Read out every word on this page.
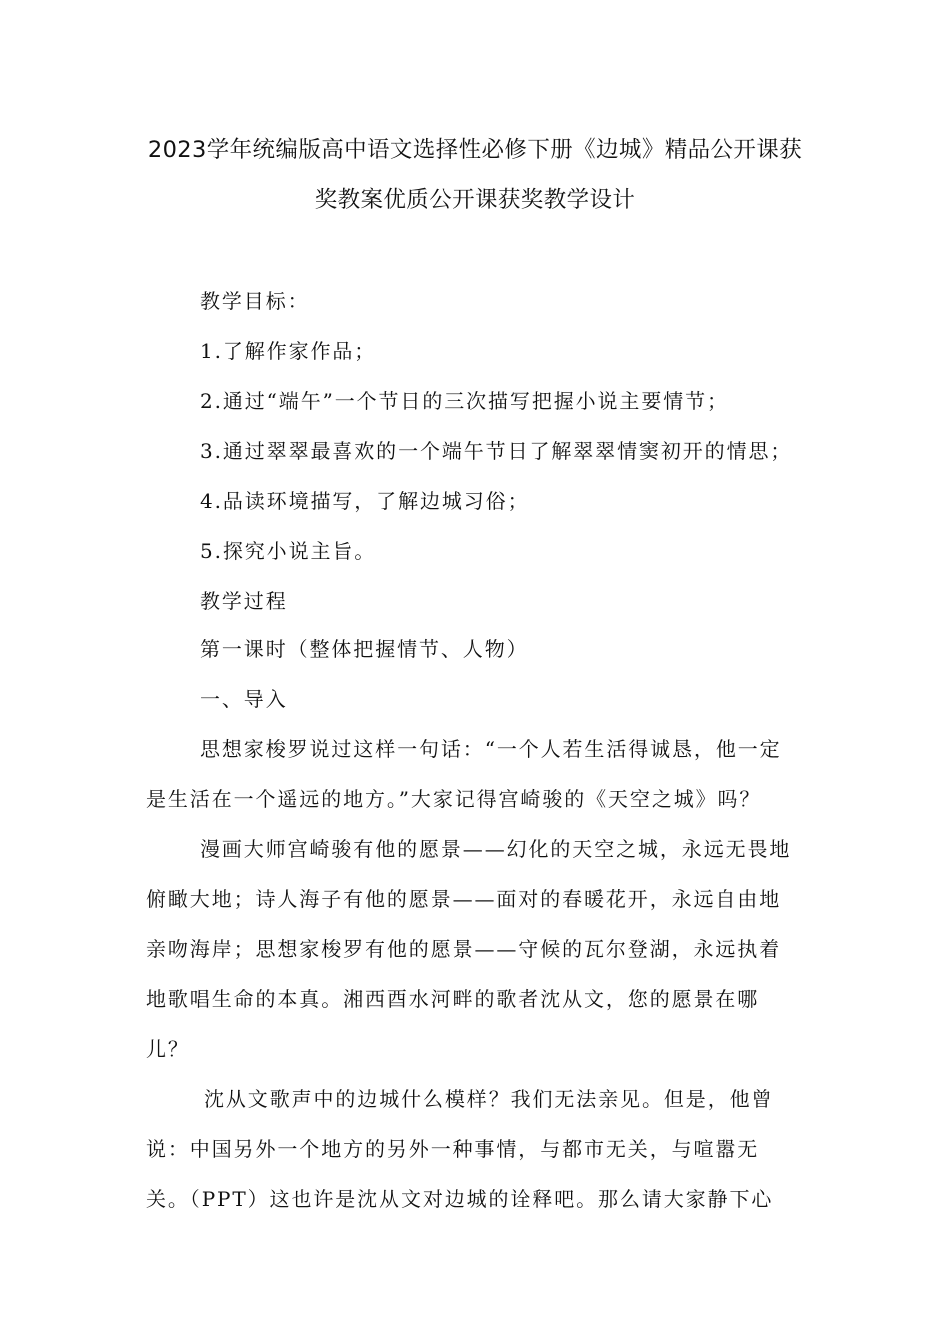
2023学年统编版高中语文选择性必修下册《边城》精品公开课获
奖教案优质公开课获奖教学设计
教学目标：
1.了解作家作品；
2.通过“端午”一个节日的三次描写把握小说主要情节；
3.通过翠翠最喜欢的一个端午节日了解翠翠情窦初开的情思；
4.品读环境描写，了解边城习俗；
5.探究小说主旨。
教学过程
第一课时（整体把握情节、人物）
一、导入
思想家梭罗说过这样一句话：“一个人若生活得诚恳，他一定
是生活在一个遥远的地方。”大家记得宫崎骏的《天空之城》吗？
漫画大师宫崎骏有他的愿景——幻化的天空之城，永远无畏地
俯瞰大地；诗人海子有他的愿景——面对的春暖花开，永远自由地
亲吻海岸；思想家梭罗有他的愿景——守候的瓦尔登湖，永远执着
地歌唱生命的本真。湘西酉水河畔的歌者沈从文，您的愿景在哪
儿？
沈从文歌声中的边城什么模样？我们无法亲见。但是，他曾
说：中国另外一个地方的另外一种事情，与都市无关，与喧嚣无
关。（PPT）这也许是沈从文对边城的诠释吧。那么请大家静下心
